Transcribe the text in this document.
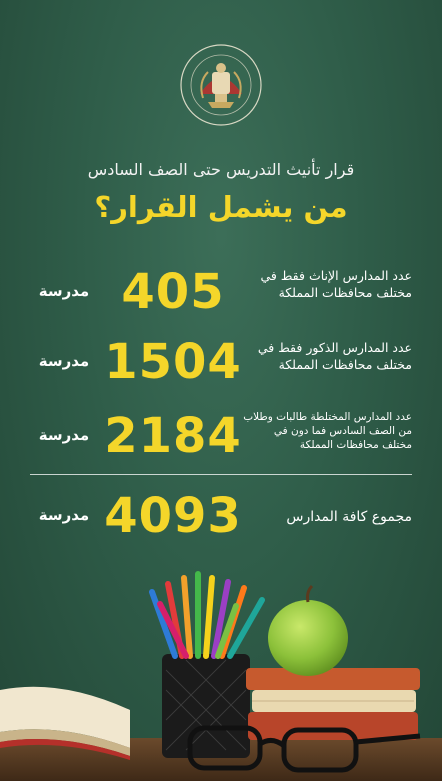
قرار تأنيث التدريس حتى الصف السادس
من يشمل القرار؟
مدرسة 405	عدد المدارس الإناث فقط في
مختلف محافظات المملكة
مدرسة 1504	عدد المدارس الذكور فقط في
مختلف محافظات المملكة
مدرسة 2184 عدد المدارس المختلطة طالبات وطلاب
من الصف السادس فما دون في
مختلف محافظات المملكة
مدرسة 4093	مجموع كافة المدارس
